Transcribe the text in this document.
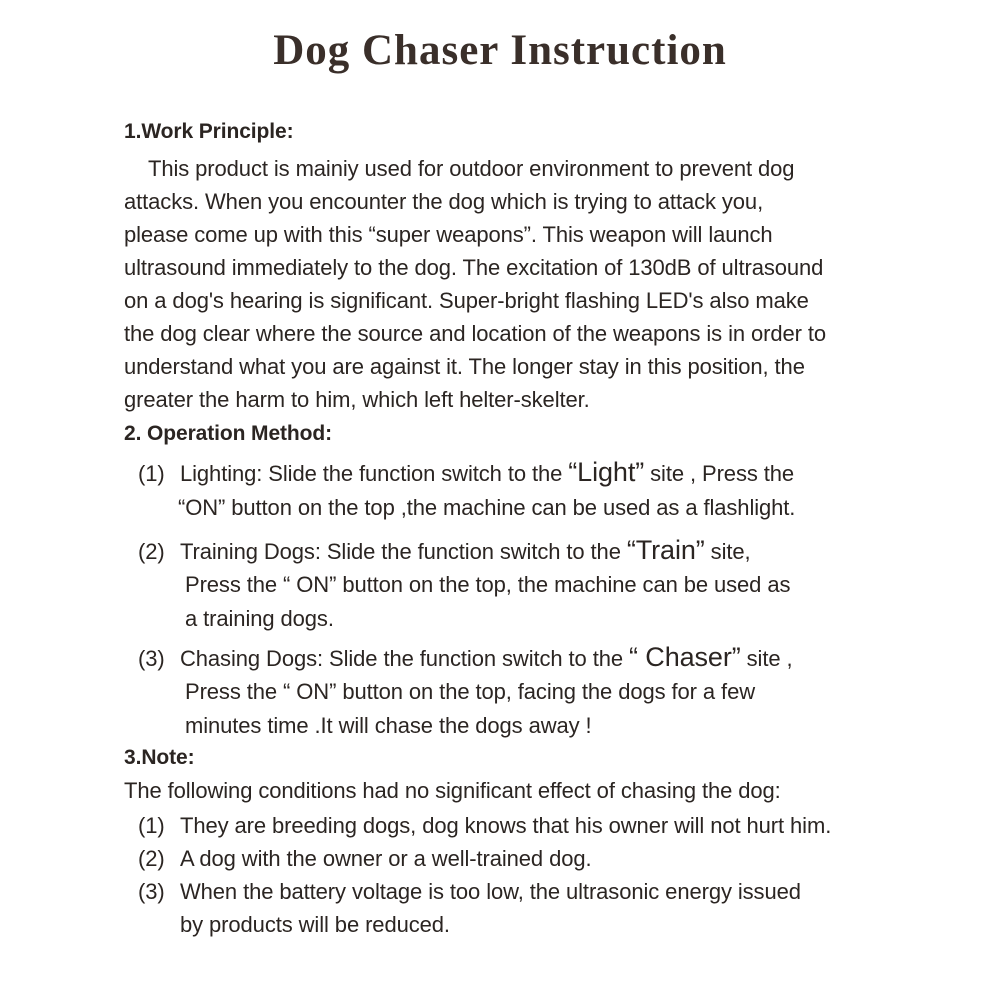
Dog Chaser Instruction
1.Work Principle:
This product is mainiy used for outdoor environment to prevent dog
attacks. When you encounter the dog which is trying to attack you,
please come up with this “super weapons”. This weapon will launch
ultrasound immediately to the dog. The excitation of 130dB of ultrasound
on a dog's hearing is significant. Super-bright flashing LED's also make
the dog clear where the source and location of the weapons is in order to
understand what you are against it. The longer stay in this position, the
greater the harm to him, which left helter-skelter.
2. Operation Method:
(1) Lighting: Slide the function switch to the “Light” site , Press the
“ON” button on the top ,the machine can be used as a flashlight.
(2) Training Dogs: Slide the function switch to the “Train” site,
Press the “ ON” button on the top, the machine can be used as
a training dogs.
(3) Chasing Dogs: Slide the function switch to the “ Chaser” site ,
Press the “ ON” button on the top, facing the dogs for a few
minutes time .It will chase the dogs away !
3.Note:
The following conditions had no significant effect of chasing the dog:
(1) They are breeding dogs, dog knows that his owner will not hurt him.
(2) A dog with the owner or a well-trained dog.
(3) When the battery voltage is too low, the ultrasonic energy issued
by products will be reduced.
